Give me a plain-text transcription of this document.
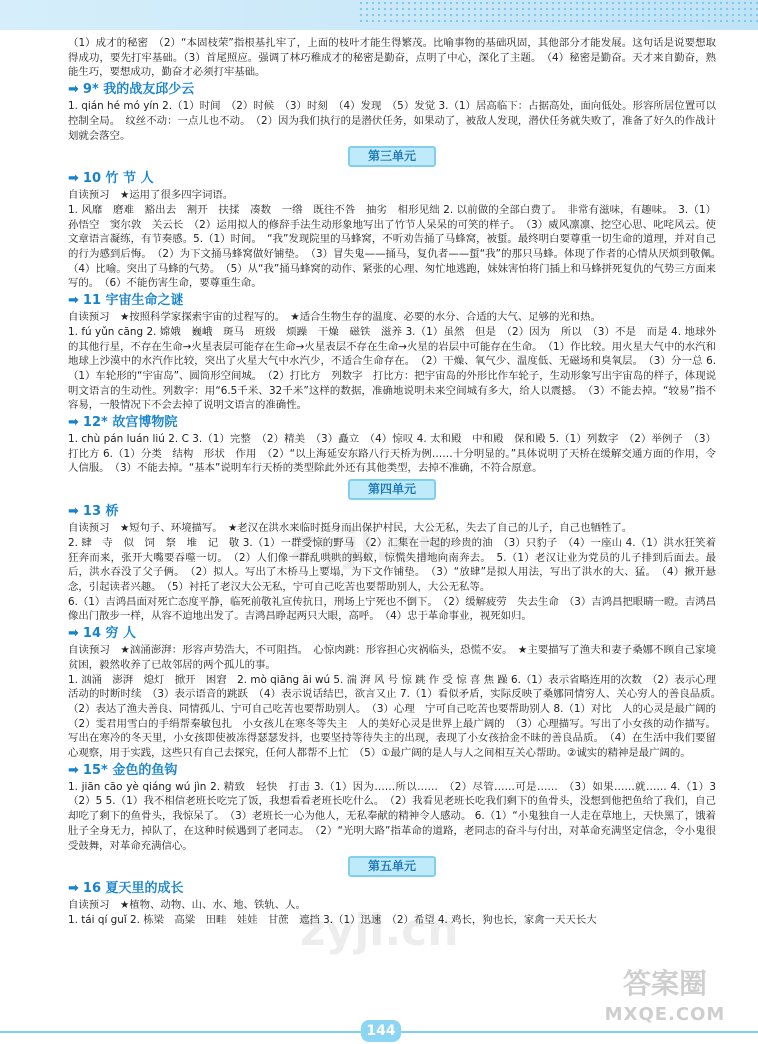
（1）成才的秘密　（2）“本固枝荣”指根基扎牢了，上面的枝叶才能生得繁茂。比喻事物的基础巩固，其他部分才能发展。这句话是说要想取得成功，要先打牢基础。（3）首尾照应。强调了林巧稚成才的秘密是勤奋，点明了中心，深化了主题。　（4）秘密是勤奋。天才来自勤奋，熟能生巧，要想成功，勤奋才必须打牢基础。

➡ 9* 我的战友邱少云

1. qián hé mó yín 2.（1）时间　（2）时候　（3）时刻　（4）发现　（5）发觉 3.（1）居高临下：占据高处，面向低处。形容所居位置可以控制全局。　纹丝不动：一点儿也不动。　（2）因为我们执行的是潜伏任务，如果动了，被敌人发现，潜伏任务就失败了，准备了好久的作战计划就会落空。

第三单元
➡ 10 竹 节 人

自读预习　★运用了很多四字词语。

1. 风靡　磨难　豁出去　割开　扶揉　凑数　一绺　既往不咎　抽劣　相形见绌 2. 以前做的全部白费了。　非常有滋味，有趣味。　3.（1）孙悟空　窦尔敦　关云长　（2）运用拟人的修辞手法生动形象地写出了竹节人呆呆的可笑的样子。　（3）威风凛凛、挖空心思、叱咤风云。使文章语言凝练，有节奏感。5.（1）时间。　“我”发现院里的马蜂窝，不听劝告捅了马蜂窝，被蜇。最终明白要尊重一切生命的道理，并对自己的行为感到后悔。　（2）为下文捅马蜂窝做好铺垫。　（3）冒失鬼——捅马，复仇者——蜇“我”的那只马蜂。体现了作者的心情从厌烦到敬佩。　（4）比喻。突出了马蜂的气势。　（5）从“我”捅马蜂窝的动作、紧张的心理、匆忙地逃跑，妹妹害怕将门插上和马蜂拼死复仇的气势三方面来写的。　（6）不能伤害生命，要尊重生命。

➡ 11 宇宙生命之谜

自读预习　★按照科学家探索宇宙的过程写的。　★适合生物生存的温度、必要的水分、合适的大气、足够的光和热。

1. fú yǔn cāng 2. 嫦娥　巍峨　斑马　班级　烦躁　干燥　磁铁　滋养 3.（1）虽然　但是　（2）因为　所以　（3）不是　而是 4. 地球外的其他行星，不存在生命→火星表层可能存在生命→火星表层不存在生命→火星的岩层中可能存在生命。　（1）作比较。用火星大气中的水汽和地球上沙漠中的水汽作比较，突出了火星大气中水汽少，不适合生命存在。　（2）干燥、氧气少、温度低、无磁场和臭氧层。　（3）分一总 6.（1）车轮形的“宇宙岛”、圆筒形空间城。　（2）打比方　列数字　打比方：把宇宙岛的外形比作车轮子，生动形象写出宇宙岛的样子，体现说明文语言的生动性。列数字：用“6.5千米、32千米”这样的数据，准确地说明未来空间城有多大，给人以震撼。　（3）不能去掉。“较易”指不容易，一般情况下不会去掉了说明文语言的准确性。

➡ 12* 故宫博物院

1. chù pán luán liú 2. C 3.（1）完整　（2）精美　（3）矗立　（4）惊叹 4. 太和殿　中和殿　保和殿 5.（1）列数字　（2）举例子　（3）打比方 6.（1）分类　结构　形状　作用　（2）“以上海延安东路八行天桥为例……十分明显的。”具体说明了天桥在缓解交通方面的作用，令人信服。　（3）不能去掉。“基本”说明车行天桥的类型除此外还有其他类型，去掉不准确，不符合原意。

第四单元
➡ 13 桥

自读预习　★短句子、环境描写。　★老汉在洪水来临时挺身而出保护村民，大公无私，失去了自己的儿子，自己也牺牲了。

2. 肆　寺　似　饲　祭　堆　记　敬 3.（1）一群受惊的野马　（2）汇集在一起的珍贵的油　（3）只豹子　（4）一座山 4.（1）洪水狂笑着狂奔而来，张开大嘴要吞噬一切。　（2）人们像一群乱哄哄的蚂蚁，惊慌失措地向南奔去。　5.（1）老汉让业为党员的儿子排到后面去。最后，洪水吞没了父子俩。　（2）拟人。写出了木桥马上要塌，为下文作铺垫。　（3）“放肆”是拟人用法，写出了洪水的大、猛。　（4）揪开悬念，引起读者兴趣。　（5）衬托了老汉大公无私，宁可自己吃苦也要帮助别人，大公无私等。

6.（1）吉鸿昌面对死亡态度平静，临死前敬礼宣传抗日，刑场上宁死也不倒下。　（2）缓解疲劳　失去生命　（3）吉鸿昌把眼睛一瞪。吉鸿昌像出门散步一样，从容不迫地出发了。吉鸿昌睁起两只大眼，高呼。　（4）忠于革命事业，视死如归。

➡ 14 穷 人

自读预习　★汹涌澎湃：形容声势浩大，不可阻挡。　心惊肉跳：形容担心灾祸临头，恐慌不安。　★主要描写了渔夫和妻子桑娜不顾自己家境贫困，毅然收养了已故邻居的两个孤儿的事。

1. 汹涌　澎湃　熄灯　掀开　困窘　2. mò qiāng āi wú 5. 湍 湃 风 号 惊 跳 作 受 惊 喜 焦 躁 6.（1）表示省略连用的次数　（2）表示心理活动的时断时续　（3）表示语音的跳跃　（4）表示说话结巴，欲言又止 7.（1）看似矛盾，实际反映了桑娜同情穷人、关心穷人的善良品质。　（2）表达了渔夫善良、同情孤儿、宁可自己吃苦也要帮助别人。　（3）心理　宁可自己吃苦也要帮助别人 8.（1）对比　人的心灵是最广阔的　（2）雯君用雪白的手绢帮秦敏包扎　小女孩儿在寒冬等失主　人的美好心灵是世界上最广阔的　（3）心理描写。写出了小女孩的动作描写。写出在寒冷的冬天里，小女孩即使被冻得瑟瑟发抖，也要坚持等待失主的出现，表现了小女孩拾金不昧的善良品质。　（4）在生活中我们要留心观察，用于实践，这些只有自己去探究，任何人都帮不上忙　（5）①最广阔的是人与人之间相互关心帮助。②诚实的精神是最广阔的。

➡ 15* 金色的鱼钩

1. jiān cāo yè qiáng wú jìn 2. 精致　轻快　打击 3.（1）因为……所以……　（2）尽管……可是……　（3）如果……就…… 4.（1）3　（2）5 5.（1）我不相信老班长吃完了饭，我想看看老班长吃什么。　（2）我看见老班长吃我们剩下的鱼骨头，没想到他把鱼给了我们，自己却吃了剩下的鱼骨头，我惊呆了。　（3）老班长一心为他人，无私奉献的精神令人感动。 6.（1）“小鬼独自一人走在草地上，天快黑了，饿着肚子全身无力，掉队了，在这种时候遇到了老同志。　（2）“光明大路”指革命的道路，老同志的奋斗与付出，对革命充满坚定信念，令小鬼很受鼓舞，对革命充满信心。

第五单元
➡ 16 夏天里的成长

自读预习　★植物、动物、山、水、地、铁轨、人。

1. tái qí guǐ 2. 栋梁　高粱　田畦　娃娃　甘蔗　遮挡 3.（1）迅速　（2）希望 4. 鸡长，狗也长，家禽一天天长大

zyjl.cn
zyjl.cn
答案圈
MXQE.COM
144
